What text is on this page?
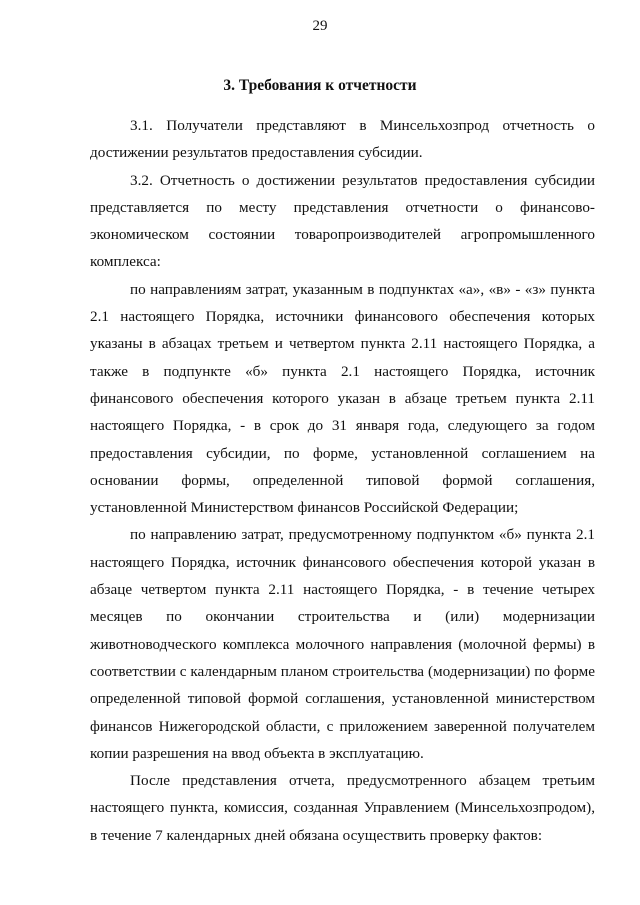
29
3. Требования к отчетности

3.1. Получатели представляют в Минсельхозпрод отчетность о достижении результатов предоставления субсидии.

3.2. Отчетность о достижении результатов предоставления субсидии представляется по месту представления отчетности о финансово-экономическом состоянии товаропроизводителей агропромышленного комплекса:

по направлениям затрат, указанным в подпунктах «а», «в» - «з» пункта 2.1 настоящего Порядка, источники финансового обеспечения которых указаны в абзацах третьем и четвертом пункта 2.11 настоящего Порядка, а также в подпункте «б» пункта 2.1 настоящего Порядка, источник финансового обеспечения которого указан в абзаце третьем пункта 2.11 настоящего Порядка, - в срок до 31 января года, следующего за годом предоставления субсидии, по форме, установленной соглашением на основании формы, определенной типовой формой соглашения, установленной Министерством финансов Российской Федерации;

по направлению затрат, предусмотренному подпунктом «б» пункта 2.1 настоящего Порядка, источник финансового обеспечения которой указан в абзаце четвертом пункта 2.11 настоящего Порядка, - в течение четырех месяцев по окончании строительства и (или) модернизации животноводческого комплекса молочного направления (молочной фермы) в соответствии с календарным планом строительства (модернизации) по форме определенной типовой формой соглашения, установленной министерством финансов Нижегородской области, с приложением заверенной получателем копии разрешения на ввод объекта в эксплуатацию.

После представления отчета, предусмотренного абзацем третьим настоящего пункта, комиссия, созданная Управлением (Минсельхозпродом), в течение 7 календарных дней обязана осуществить проверку фактов:
